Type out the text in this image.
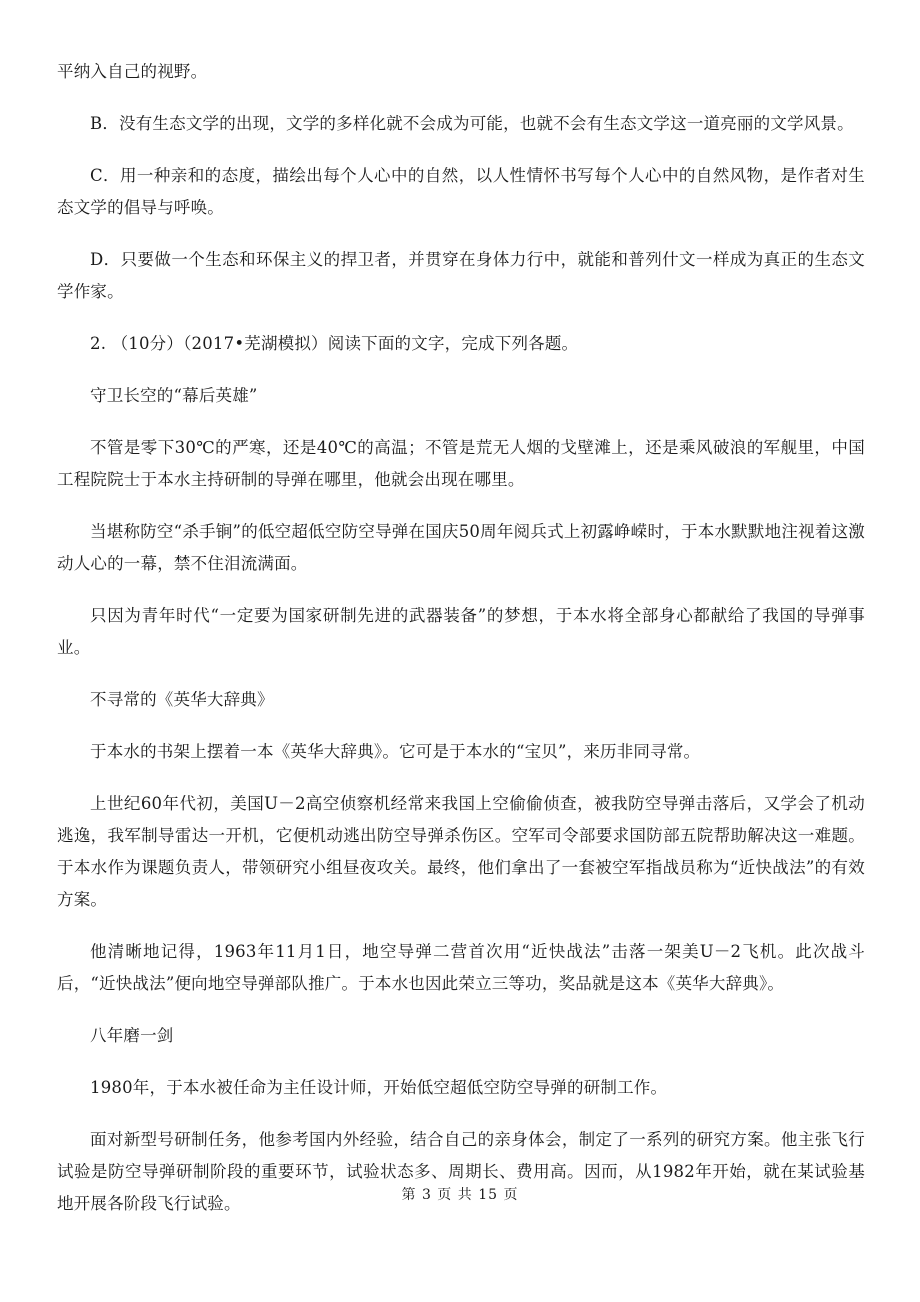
平纳入自己的视野。

B．没有生态文学的出现，文学的多样化就不会成为可能，也就不会有生态文学这一道亮丽的文学风景。

C．用一种亲和的态度，描绘出每个人心中的自然，以人性情怀书写每个人心中的自然风物，是作者对生态文学的倡导与呼唤。

D．只要做一个生态和环保主义的捍卫者，并贯穿在身体力行中，就能和普列什文一样成为真正的生态文学作家。

2. （10分）（2017•芜湖模拟）阅读下面的文字，完成下列各题。

守卫长空的“幕后英雄”

不管是零下30℃的严寒，还是40℃的高温；不管是荒无人烟的戈壁滩上，还是乘风破浪的军舰里，中国工程院院士于本水主持研制的导弹在哪里，他就会出现在哪里。

当堪称防空“杀手锏”的低空超低空防空导弹在国庆50周年阅兵式上初露峥嵘时，于本水默默地注视着这激动人心的一幕，禁不住泪流满面。

只因为青年时代“一定要为国家研制先进的武器装备”的梦想，于本水将全部身心都献给了我国的导弹事业。

不寻常的《英华大辞典》

于本水的书架上摆着一本《英华大辞典》。它可是于本水的“宝贝”，来历非同寻常。

上世纪60年代初，美国U－2高空侦察机经常来我国上空偷偷侦查，被我防空导弹击落后，又学会了机动逃逸，我军制导雷达一开机，它便机动逃出防空导弹杀伤区。空军司令部要求国防部五院帮助解决这一难题。于本水作为课题负责人，带领研究小组昼夜攻关。最终，他们拿出了一套被空军指战员称为“近快战法”的有效方案。

他清晰地记得，1963年11月1日，地空导弹二营首次用“近快战法”击落一架美U－2飞机。此次战斗后，“近快战法”便向地空导弹部队推广。于本水也因此荣立三等功，奖品就是这本《英华大辞典》。

八年磨一剑

1980年，于本水被任命为主任设计师，开始低空超低空防空导弹的研制工作。

面对新型号研制任务，他参考国内外经验，结合自己的亲身体会，制定了一系列的研究方案。他主张飞行试验是防空导弹研制阶段的重要环节，试验状态多、周期长、费用高。因而，从1982年开始，就在某试验基地开展各阶段飞行试验。	第 3 页 共 15 页
